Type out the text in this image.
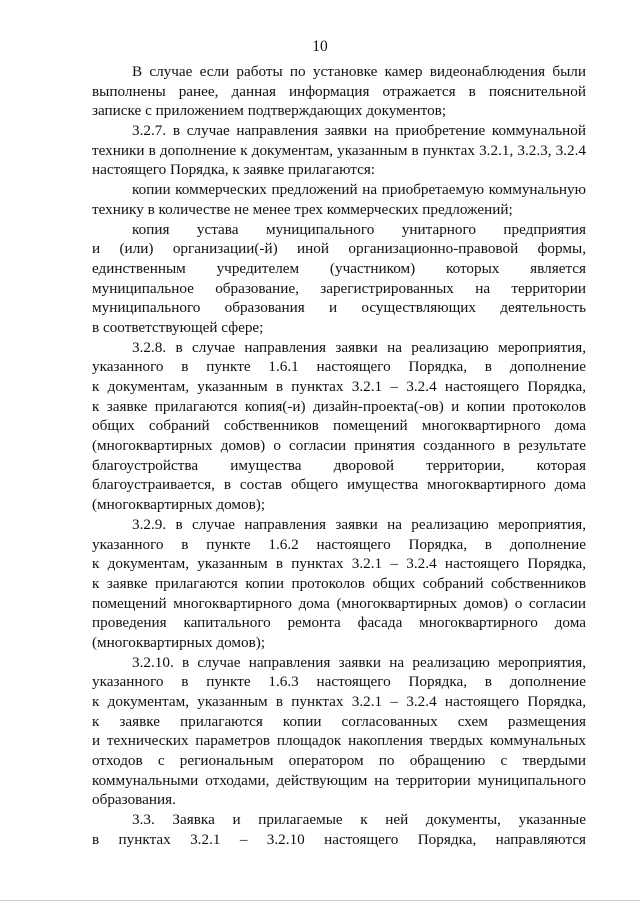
10
В случае если работы по установке камер видеонаблюдения были
выполнены ранее, данная информация отражается в пояснительной
записке с приложением подтверждающих документов;
3.2.7. в случае направления заявки на приобретение коммунальной
техники в дополнение к документам, указанным в пунктах 3.2.1, 3.2.3, 3.2.4
настоящего Порядка, к заявке прилагаются:
копии коммерческих предложений на приобретаемую коммунальную
технику в количестве не менее трех коммерческих предложений;
копия устава муниципального унитарного предприятия
и (или) организации(-й) иной организационно-правовой формы,
единственным учредителем (участником) которых является
муниципальное образование, зарегистрированных на территории
муниципального образования и осуществляющих деятельность
в соответствующей сфере;
3.2.8. в случае направления заявки на реализацию мероприятия,
указанного в пункте 1.6.1 настоящего Порядка, в дополнение
к документам, указанным в пунктах 3.2.1 – 3.2.4 настоящего Порядка,
к заявке прилагаются копия(-и) дизайн-проекта(-ов) и копии протоколов
общих собраний собственников помещений многоквартирного дома
(многоквартирных домов) о согласии принятия созданного в результате
благоустройства имущества дворовой территории, которая
благоустраивается, в состав общего имущества многоквартирного дома
(многоквартирных домов);
3.2.9. в случае направления заявки на реализацию мероприятия,
указанного в пункте 1.6.2 настоящего Порядка, в дополнение
к документам, указанным в пунктах 3.2.1 – 3.2.4 настоящего Порядка,
к заявке прилагаются копии протоколов общих собраний собственников
помещений многоквартирного дома (многоквартирных домов) о согласии
проведения капитального ремонта фасада многоквартирного дома
(многоквартирных домов);
3.2.10. в случае направления заявки на реализацию мероприятия,
указанного в пункте 1.6.3 настоящего Порядка, в дополнение
к документам, указанным в пунктах 3.2.1 – 3.2.4 настоящего Порядка,
к заявке прилагаются копии согласованных схем размещения
и технических параметров площадок накопления твердых коммунальных
отходов с региональным оператором по обращению с твердыми
коммунальными отходами, действующим на территории муниципального
образования.
3.3. Заявка и прилагаемые к ней документы, указанные
в пунктах 3.2.1 – 3.2.10 настоящего Порядка, направляются
